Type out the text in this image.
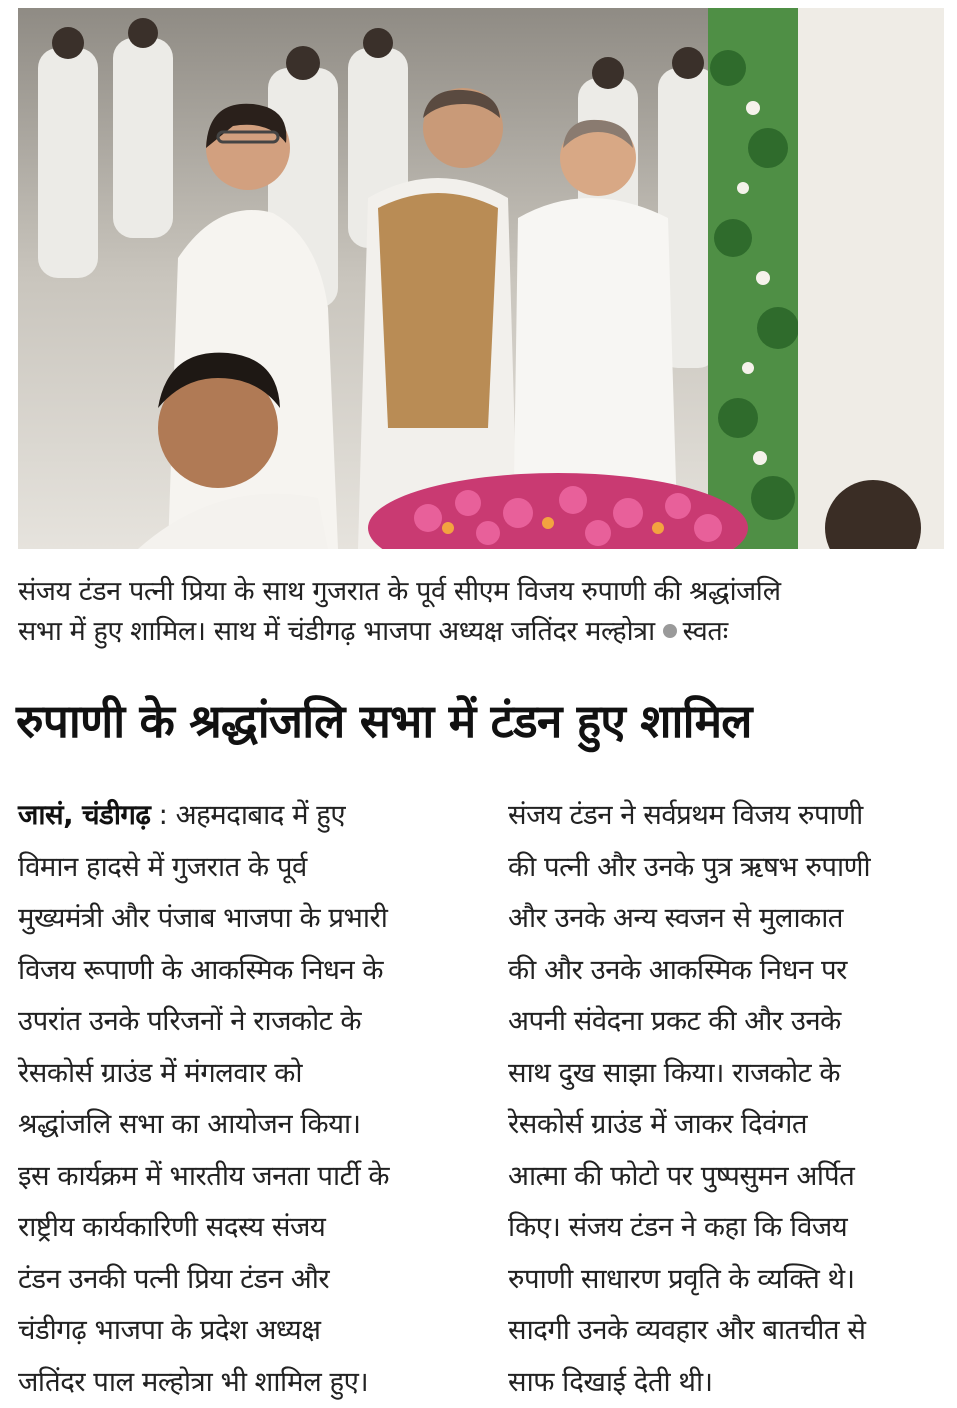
संजय टंडन पत्नी प्रिया के साथ गुजरात के पूर्व सीएम विजय रुपाणी की श्रद्धांजलि
सभा में हुए शामिल। साथ में चंडीगढ़ भाजपा अध्यक्ष जतिंदर मल्होत्रा स्वतः
रुपाणी के श्रद्धांजलि सभा में टंडन हुए शामिल
जासं, चंडीगढ़ : अहमदाबाद में हुए
विमान हादसे में गुजरात के पूर्व
मुख्यमंत्री और पंजाब भाजपा के प्रभारी
विजय रूपाणी के आकस्मिक निधन के
उपरांत उनके परिजनों ने राजकोट के
रेसकोर्स ग्राउंड में मंगलवार को
श्रद्धांजलि सभा का आयोजन किया।
इस कार्यक्रम में भारतीय जनता पार्टी के
राष्ट्रीय कार्यकारिणी सदस्य संजय
टंडन उनकी पत्नी प्रिया टंडन और
चंडीगढ़ भाजपा के प्रदेश अध्यक्ष
जतिंदर पाल मल्होत्रा भी शामिल हुए।
संजय टंडन ने सर्वप्रथम विजय रुपाणी
की पत्नी और उनके पुत्र ऋषभ रुपाणी
और उनके अन्य स्वजन से मुलाकात
की और उनके आकस्मिक निधन पर
अपनी संवेदना प्रकट की और उनके
साथ दुख साझा किया। राजकोट के
रेसकोर्स ग्राउंड में जाकर दिवंगत
आत्मा की फोटो पर पुष्पसुमन अर्पित
किए। संजय टंडन ने कहा कि विजय
रुपाणी साधारण प्रवृति के व्यक्ति थे।
सादगी उनके व्यवहार और बातचीत से
साफ दिखाई देती थी।
